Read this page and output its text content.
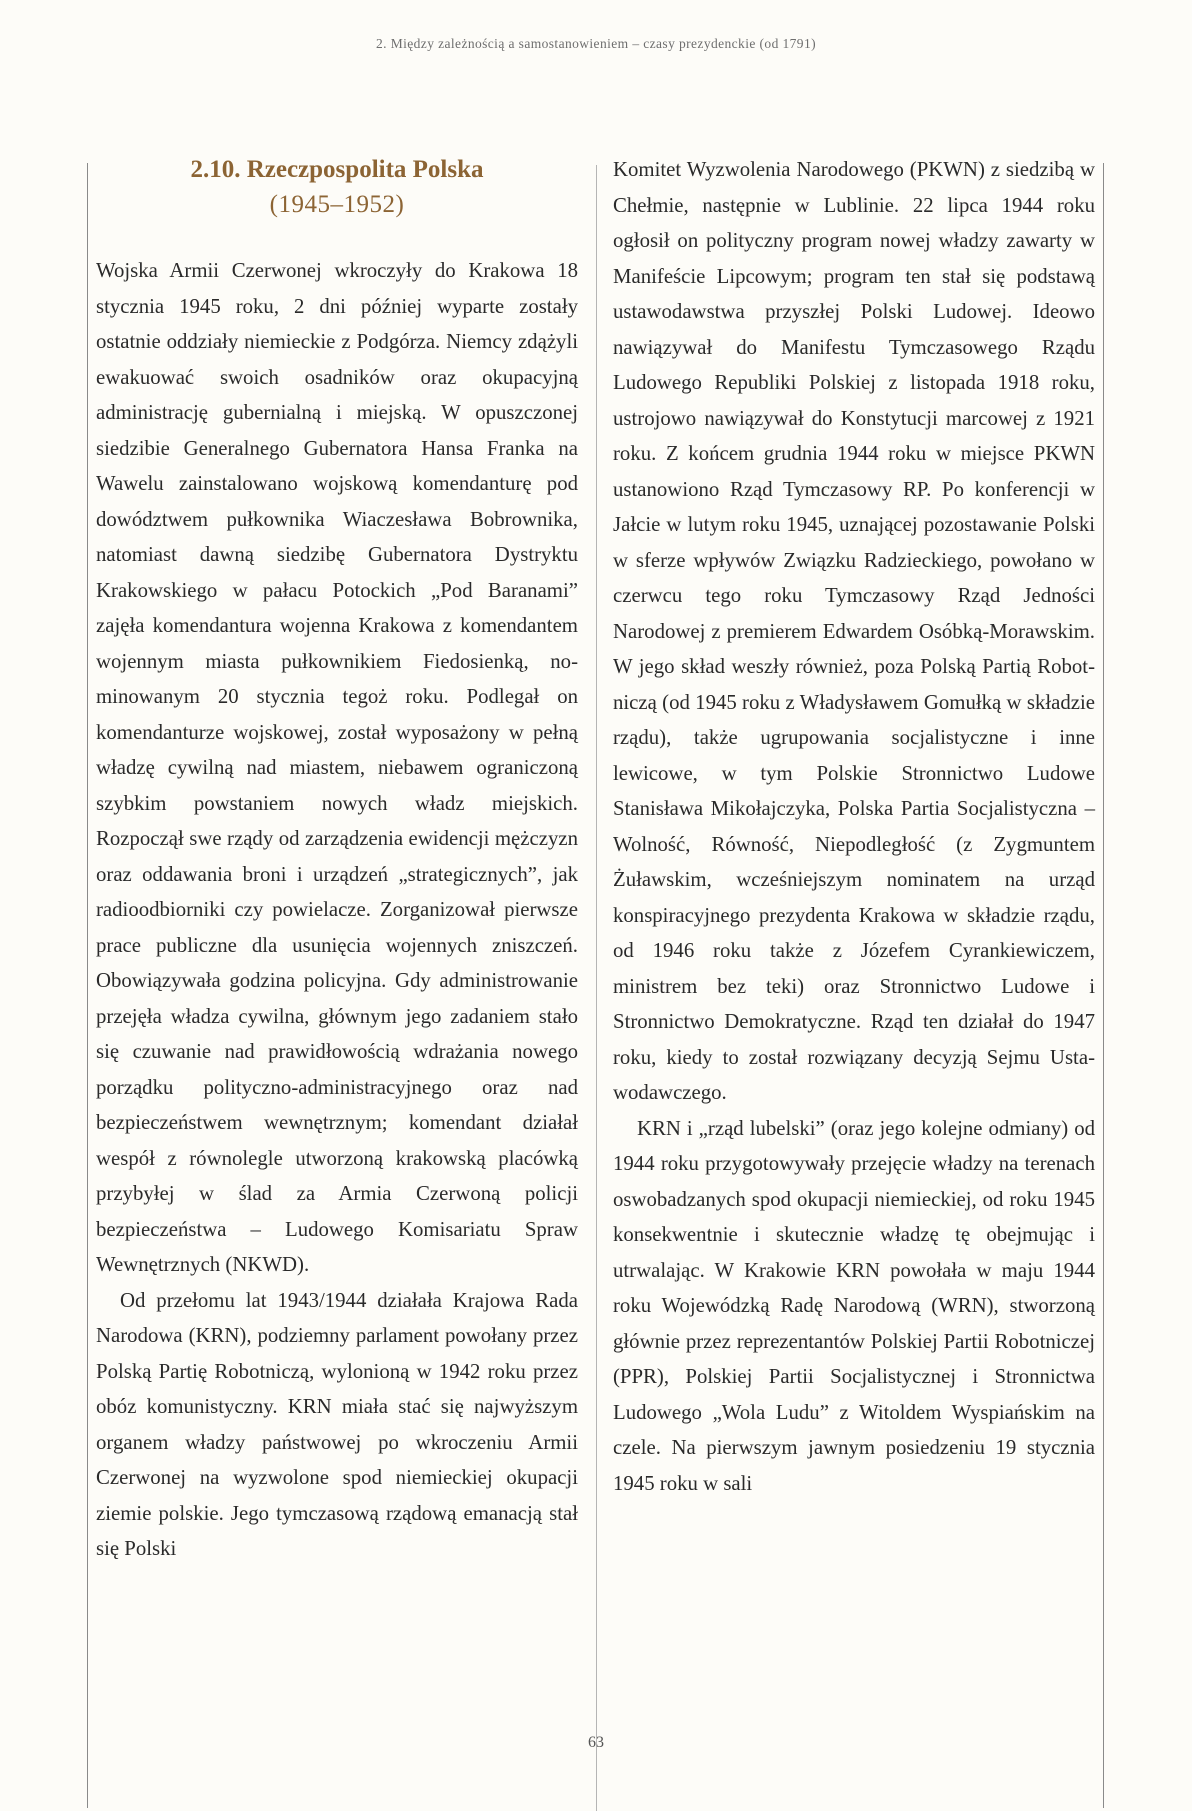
2. Między zależnością a samostanowieniem – czasy prezydenckie (od 1791)
2.10. Rzeczpospolita Polska
(1945–1952)

Wojska Armii Czerwonej wkroczyły do Krakowa 18 stycznia 1945 roku, 2 dni później wyparte zostały ostatnie oddziały niemieckie z Podgórza. Niemcy zdążyli ewakuować swoich osadników oraz okupacyjną administrację gubernialną i miejską. W opuszczonej siedzibie Generalnego Gubernatora Hansa Franka na Wawelu zainstalowano wojskową komendanturę pod dowództwem pułkownika Wiaczesława Bobrownika, natomiast dawną siedzibę Gubernatora Dystryktu Krakowskiego w pałacu Potockich „Pod Baranami” zajęła komendantura wojenna Krakowa z komendantem wojennym miasta pułkownikiem Fiedosienką, nominowanym 20 stycznia tegoż roku. Podlegał on komendanturze wojskowej, został wyposażony w pełną władzę cywilną nad miastem, niebawem ograniczoną szybkim powstaniem nowych władz miejskich. Rozpoczął swe rządy od zarządzenia ewidencji mężczyzn oraz oddawania broni i urządzeń „strategicznych”, jak radioodbiorniki czy powielacze. Zorganizował pierwsze prace publiczne dla usunięcia wojennych zniszczeń. Obowiązywała godzina policyjna. Gdy administrowanie przejęła władza cywilna, głównym jego zadaniem stało się czuwanie nad prawidłowością wdrażania nowego porządku polityczno-administracyjnego oraz nad bezpieczeństwem wewnętrznym; komendant działał wespół z równolegle utworzoną krakowską placówką przybyłej w ślad za Armia Czerwoną policji bezpieczeństwa – Ludowego Komisariatu Spraw Wewnętrznych (NKWD).

Od przełomu lat 1943/1944 działała Krajowa Rada Narodowa (KRN), podziemny parlament powołany przez Polską Partię Robotniczą, wylonioną w 1942 roku przez obóz komunistyczny. KRN miała stać się najwyższym organem władzy państwowej po wkroczeniu Armii Czerwonej na wyzwolone spod niemieckiej okupacji ziemie polskie. Jego tymczasową rządową emanacją stał się Polski

Komitet Wyzwolenia Narodowego (PKWN) z siedzibą w Chełmie, następnie w Lublinie. 22 lipca 1944 roku ogłosił on polityczny program nowej władzy zawarty w Manifeście Lipcowym; program ten stał się podstawą ustawodawstwa przyszłej Polski Ludowej. Ideowo nawiązywał do Manifestu Tymczasowego Rządu Ludowego Republiki Polskiej z listopada 1918 roku, ustrojowo nawiązywał do Konstytucji marcowej z 1921 roku. Z końcem grudnia 1944 roku w miejsce PKWN ustanowiono Rząd Tymczasowy RP. Po konferencji w Jałcie w lutym roku 1945, uznającej pozostawanie Polski w sferze wpływów Związku Radzieckiego, powołano w czerwcu tego roku Tymczasowy Rząd Jedności Narodowej z premierem Edwardem Osóbką-Morawskim. W jego skład weszły również, poza Polską Partią Robotniczą (od 1945 roku z Władysławem Gomułką w składzie rządu), także ugrupowania socjalistyczne i inne lewicowe, w tym Polskie Stronnictwo Ludowe Stanisława Mikołajczyka, Polska Partia Socjalistyczna – Wolność, Równość, Niepodległość (z Zygmuntem Żuławskim, wcześniejszym nominatem na urząd konspiracyjnego prezydenta Krakowa w składzie rządu, od 1946 roku także z Józefem Cyrankiewiczem, ministrem bez teki) oraz Stronnictwo Ludowe i Stronnictwo Demokratyczne. Rząd ten działał do 1947 roku, kiedy to został rozwiązany decyzją Sejmu Ustawodawczego.

KRN i „rząd lubelski” (oraz jego kolejne odmiany) od 1944 roku przygotowywały przejęcie władzy na terenach oswobadzanych spod okupacji niemieckiej, od roku 1945 konsekwentnie i skutecznie władzę tę obejmując i utrwalając. W Krakowie KRN powołała w maju 1944 roku Wojewódzką Radę Narodową (WRN), stworzoną głównie przez reprezentantów Polskiej Partii Robotniczej (PPR), Polskiej Partii Socjalistycznej i Stronnictwa Ludowego „Wola Ludu” z Witoldem Wyspiańskim na czele. Na pierwszym jawnym posiedzeniu 19 stycznia 1945 roku w sali

63
